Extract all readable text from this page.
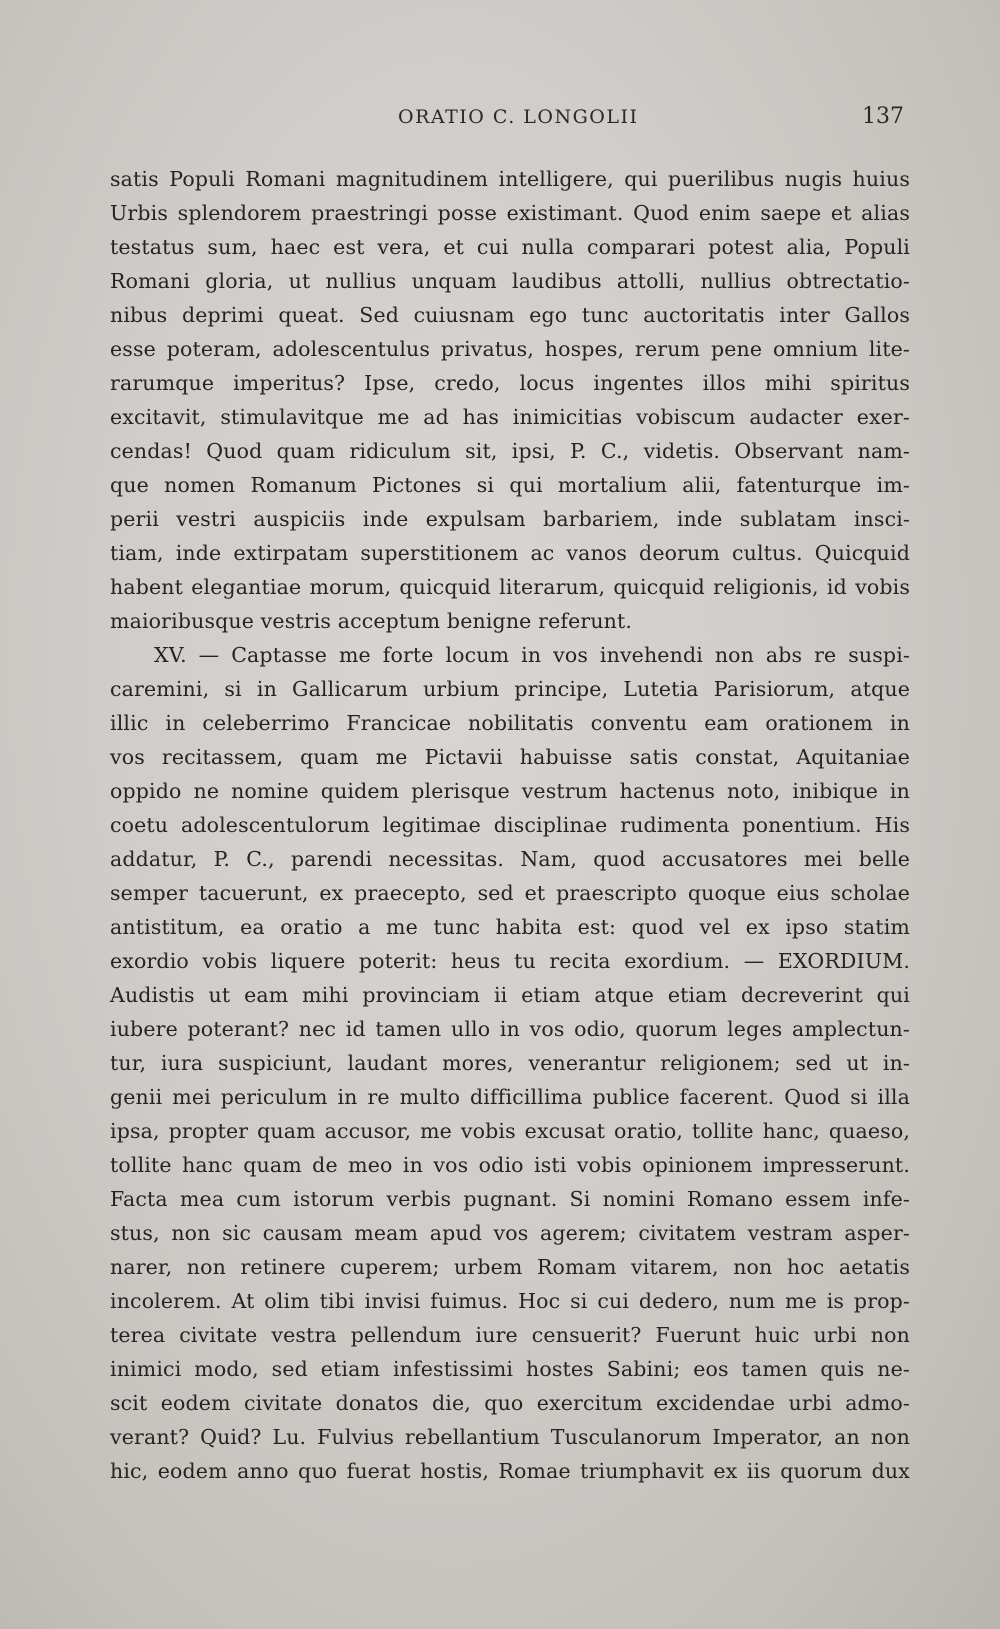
ORATIO C. LONGOLII	137
satis Populi Romani magnitudinem intelligere, qui puerilibus nugis huius
Urbis splendorem praestringi posse existimant. Quod enim saepe et alias
testatus sum, haec est vera, et cui nulla comparari potest alia, Populi
Romani gloria, ut nullius unquam laudibus attolli, nullius obtrectatio-
nibus deprimi queat. Sed cuiusnam ego tunc auctoritatis inter Gallos
esse poteram, adolescentulus privatus, hospes, rerum pene omnium lite-
rarumque imperitus? Ipse, credo, locus ingentes illos mihi spiritus
excitavit, stimulavitque me ad has inimicitias vobiscum audacter exer-
cendas! Quod quam ridiculum sit, ipsi, P. C., videtis. Observant nam-
que nomen Romanum Pictones si qui mortalium alii, fatenturque im-
perii vestri auspiciis inde expulsam barbariem, inde sublatam insci-
tiam, inde extirpatam superstitionem ac vanos deorum cultus. Quicquid
habent elegantiae morum, quicquid literarum, quicquid religionis, id vobis
maioribusque vestris acceptum benigne referunt.
XV. — Captasse me forte locum in vos invehendi non abs re suspi-
caremini, si in Gallicarum urbium principe, Lutetia Parisiorum, atque
illic in celeberrimo Francicae nobilitatis conventu eam orationem in
vos recitassem, quam me Pictavii habuisse satis constat, Aquitaniae
oppido ne nomine quidem plerisque vestrum hactenus noto, inibique in
coetu adolescentulorum legitimae disciplinae rudimenta ponentium. His
addatur, P. C., parendi necessitas. Nam, quod accusatores mei belle
semper tacuerunt, ex praecepto, sed et praescripto quoque eius scholae
antistitum, ea oratio a me tunc habita est: quod vel ex ipso statim
exordio vobis liquere poterit: heus tu recita exordium. — EXORDIUM.
Audistis ut eam mihi provinciam ii etiam atque etiam decreverint qui
iubere poterant? nec id tamen ullo in vos odio, quorum leges amplectun-
tur, iura suspiciunt, laudant mores, venerantur religionem; sed ut in-
genii mei periculum in re multo difficillima publice facerent. Quod si illa
ipsa, propter quam accusor, me vobis excusat oratio, tollite hanc, quaeso,
tollite hanc quam de meo in vos odio isti vobis opinionem impresserunt.
Facta mea cum istorum verbis pugnant. Si nomini Romano essem infe-
stus, non sic causam meam apud vos agerem; civitatem vestram asper-
narer, non retinere cuperem; urbem Romam vitarem, non hoc aetatis
incolerem. At olim tibi invisi fuimus. Hoc si cui dedero, num me is prop-
terea civitate vestra pellendum iure censuerit? Fuerunt huic urbi non
inimici modo, sed etiam infestissimi hostes Sabini; eos tamen quis ne-
scit eodem civitate donatos die, quo exercitum excidendae urbi admo-
verant? Quid? Lu. Fulvius rebellantium Tusculanorum Imperator, an non
hic, eodem anno quo fuerat hostis, Romae triumphavit ex iis quorum dux
